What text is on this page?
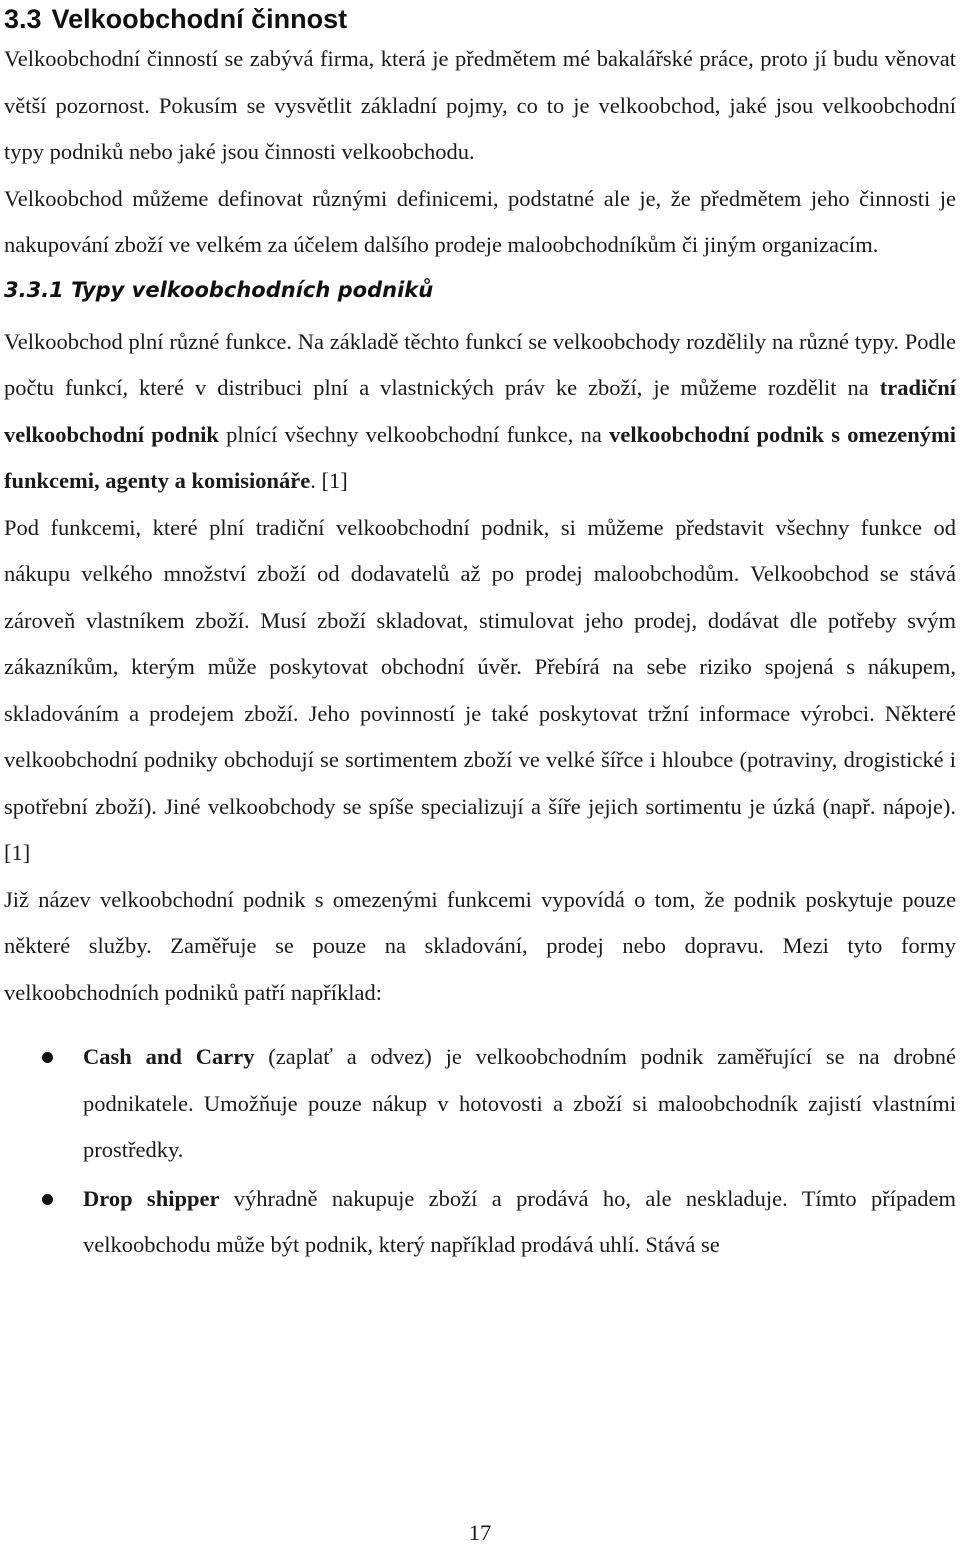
3.3 Velkoobchodní činnost

Velkoobchodní činností se zabývá firma, která je předmětem mé bakalářské práce, proto jí budu věnovat větší pozornost. Pokusím se vysvětlit základní pojmy, co to je velkoobchod, jaké jsou velkoobchodní typy podniků nebo jaké jsou činnosti velkoobchodu.

Velkoobchod můžeme definovat různými definicemi, podstatné ale je, že předmětem jeho činnosti je nakupování zboží ve velkém za účelem dalšího prodeje maloobchodníkům či jiným organizacím.

3.3.1 Typy velkoobchodních podniků

Velkoobchod plní různé funkce. Na základě těchto funkcí se velkoobchody rozdělily na různé typy. Podle počtu funkcí, které v distribuci plní a vlastnických práv ke zboží, je můžeme rozdělit na tradiční velkoobchodní podnik plnící všechny velkoobchodní funkce, na velkoobchodní podnik s omezenými funkcemi, agenty a komisionáře. [1]

Pod funkcemi, které plní tradiční velkoobchodní podnik, si můžeme představit všechny funkce od nákupu velkého množství zboží od dodavatelů až po prodej maloobchodům. Velkoobchod se stává zároveň vlastníkem zboží. Musí zboží skladovat, stimulovat jeho prodej, dodávat dle potřeby svým zákazníkům, kterým může poskytovat obchodní úvěr. Přebírá na sebe riziko spojená s nákupem, skladováním a prodejem zboží. Jeho povinností je také poskytovat tržní informace výrobci. Některé velkoobchodní podniky obchodují se sortimentem zboží ve velké šířce i hloubce (potraviny, drogistické i spotřební zboží). Jiné velkoobchody se spíše specializují a šíře jejich sortimentu je úzká (např. nápoje). [1]

Již název velkoobchodní podnik s omezenými funkcemi vypovídá o tom, že podnik poskytuje pouze některé služby. Zaměřuje se pouze na skladování, prodej nebo dopravu. Mezi tyto formy velkoobchodních podniků patří například:

Cash and Carry (zaplať a odvez) je velkoobchodním podnik zaměřující se na drobné podnikatele. Umožňuje pouze nákup v hotovosti a zboží si maloobchodník zajistí vlastními prostředky.
Drop shipper výhradně nakupuje zboží a prodává ho, ale neskladuje. Tímto případem velkoobchodu může být podnik, který například prodává uhlí. Stává se
17
